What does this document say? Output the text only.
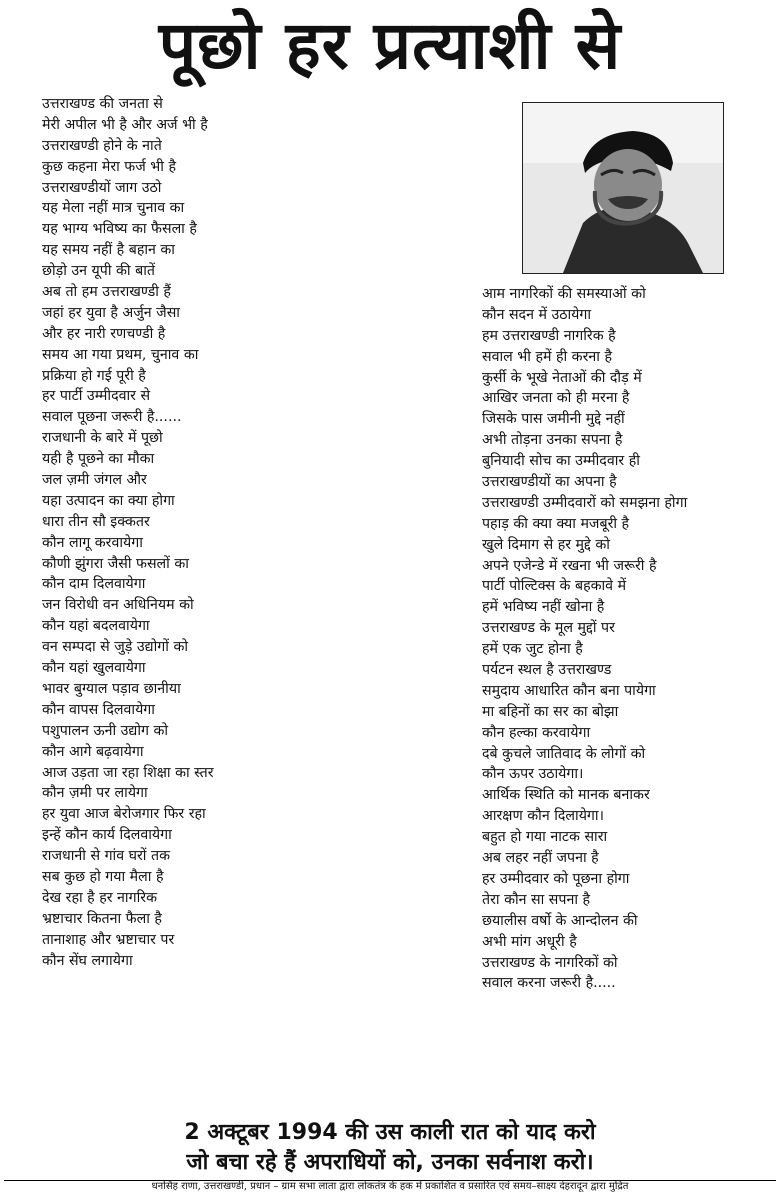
पूछो हर प्रत्याशी से
उत्तराखण्ड की जनता से
मेरी अपील भी है और अर्ज भी है
उत्तराखण्डी होने के नाते
कुछ कहना मेरा फर्ज भी है
उत्तराखण्डीयों जाग उठो
यह मेला नहीं मात्र चुनाव का
यह भाग्य भविष्य का फैसला है
यह समय नहीं है बहान का
छोड़ो उन यूपी की बातें
अब तो हम उत्तराखण्डी हैं
जहां हर युवा है अर्जुन जैसा
और हर नारी रणचण्डी है
समय आ गया प्रथम, चुनाव का
प्रक्रिया हो गई पूरी है
हर पार्टी उम्मीदवार से
सवाल पूछना जरूरी है......
राजधानी के बारे में पूछो
यही है पूछने का मौका
जल ज़मी जंगल और
यहा उत्पादन का क्या होगा
धारा तीन सौ इक्कतर
कौन लागू करवायेगा
कौणी झुंगरा जैसी फसलों का
कौन दाम दिलवायेगा
जन विरोधी वन अधिनियम को
कौन यहां बदलवायेगा
वन सम्पदा से जुड़े उद्योगों को
कौन यहां खुलवायेगा
भावर बुग्याल पड़ाव छानीया
कौन वापस दिलवायेगा
पशुपालन ऊनी उद्योग को
कौन आगे बढ़वायेगा
आज उड़ता जा रहा शिक्षा का स्तर
कौन ज़मी पर लायेगा
हर युवा आज बेरोजगार फिर रहा
इन्हें कौन कार्य दिलवायेगा
राजधानी से गांव घरों तक
सब कुछ हो गया मैला है
देख रहा है हर नागरिक
भ्रष्टाचार कितना फैला है
तानाशाह और भ्रष्टाचार पर
कौन सेंघ लगायेगा
आम नागरिकों की समस्याओं को
कौन सदन में उठायेगा
हम उत्तराखण्डी नागरिक है
सवाल भी हमें ही करना है
कुर्सी के भूखे नेताओं की दौड़ में
आखिर जनता को ही मरना है
जिसके पास जमीनी मुद्दे नहीं
अभी तोड़ना उनका सपना है
बुनियादी सोच का उम्मीदवार ही
उत्तराखण्डीयों का अपना है
उत्तराखण्डी उम्मीदवारों को समझना होगा
पहाड़ की क्या क्या मजबूरी है
खुले दिमाग से हर मुद्दे को
अपने एजेन्डे में रखना भी जरूरी है
पार्टी पोल्टिक्स के बहकावे में
हमें भविष्य नहीं खोना है
उत्तराखण्ड के मूल मुद्दों पर
हमें एक जुट होना है
पर्यटन स्थल है उत्तराखण्ड
समुदाय आधारित कौन बना पायेगा
मा बहिनों का सर का बोझा
कौन हल्का करवायेगा
दबे कुचले जातिवाद के लोगों को
कौन ऊपर उठायेगा।
आर्थिक स्थिति को मानक बनाकर
आरक्षण कौन दिलायेगा।
बहुत हो गया नाटक सारा
अब लहर नहीं जपना है
हर उम्मीदवार को पूछना होगा
तेरा कौन सा सपना है
छयालीस वर्षो के आन्दोलन की
अभी मांग अधूरी है
उत्तराखण्ड के नागरिकों को
सवाल करना जरूरी है.....
2 अक्टूबर 1994 की उस काली रात को याद करो
जो बचा रहे हैं अपराधियों को, उनका सर्वनाश करो।
धनसिंह राणा, उत्तराखण्डी, प्रधान – ग्राम सभा लाता द्वारा लोकतंत्र के हक में प्रकाशित व प्रसारित एवं समय–साक्ष्य देहरादून द्वारा मुद्रित
